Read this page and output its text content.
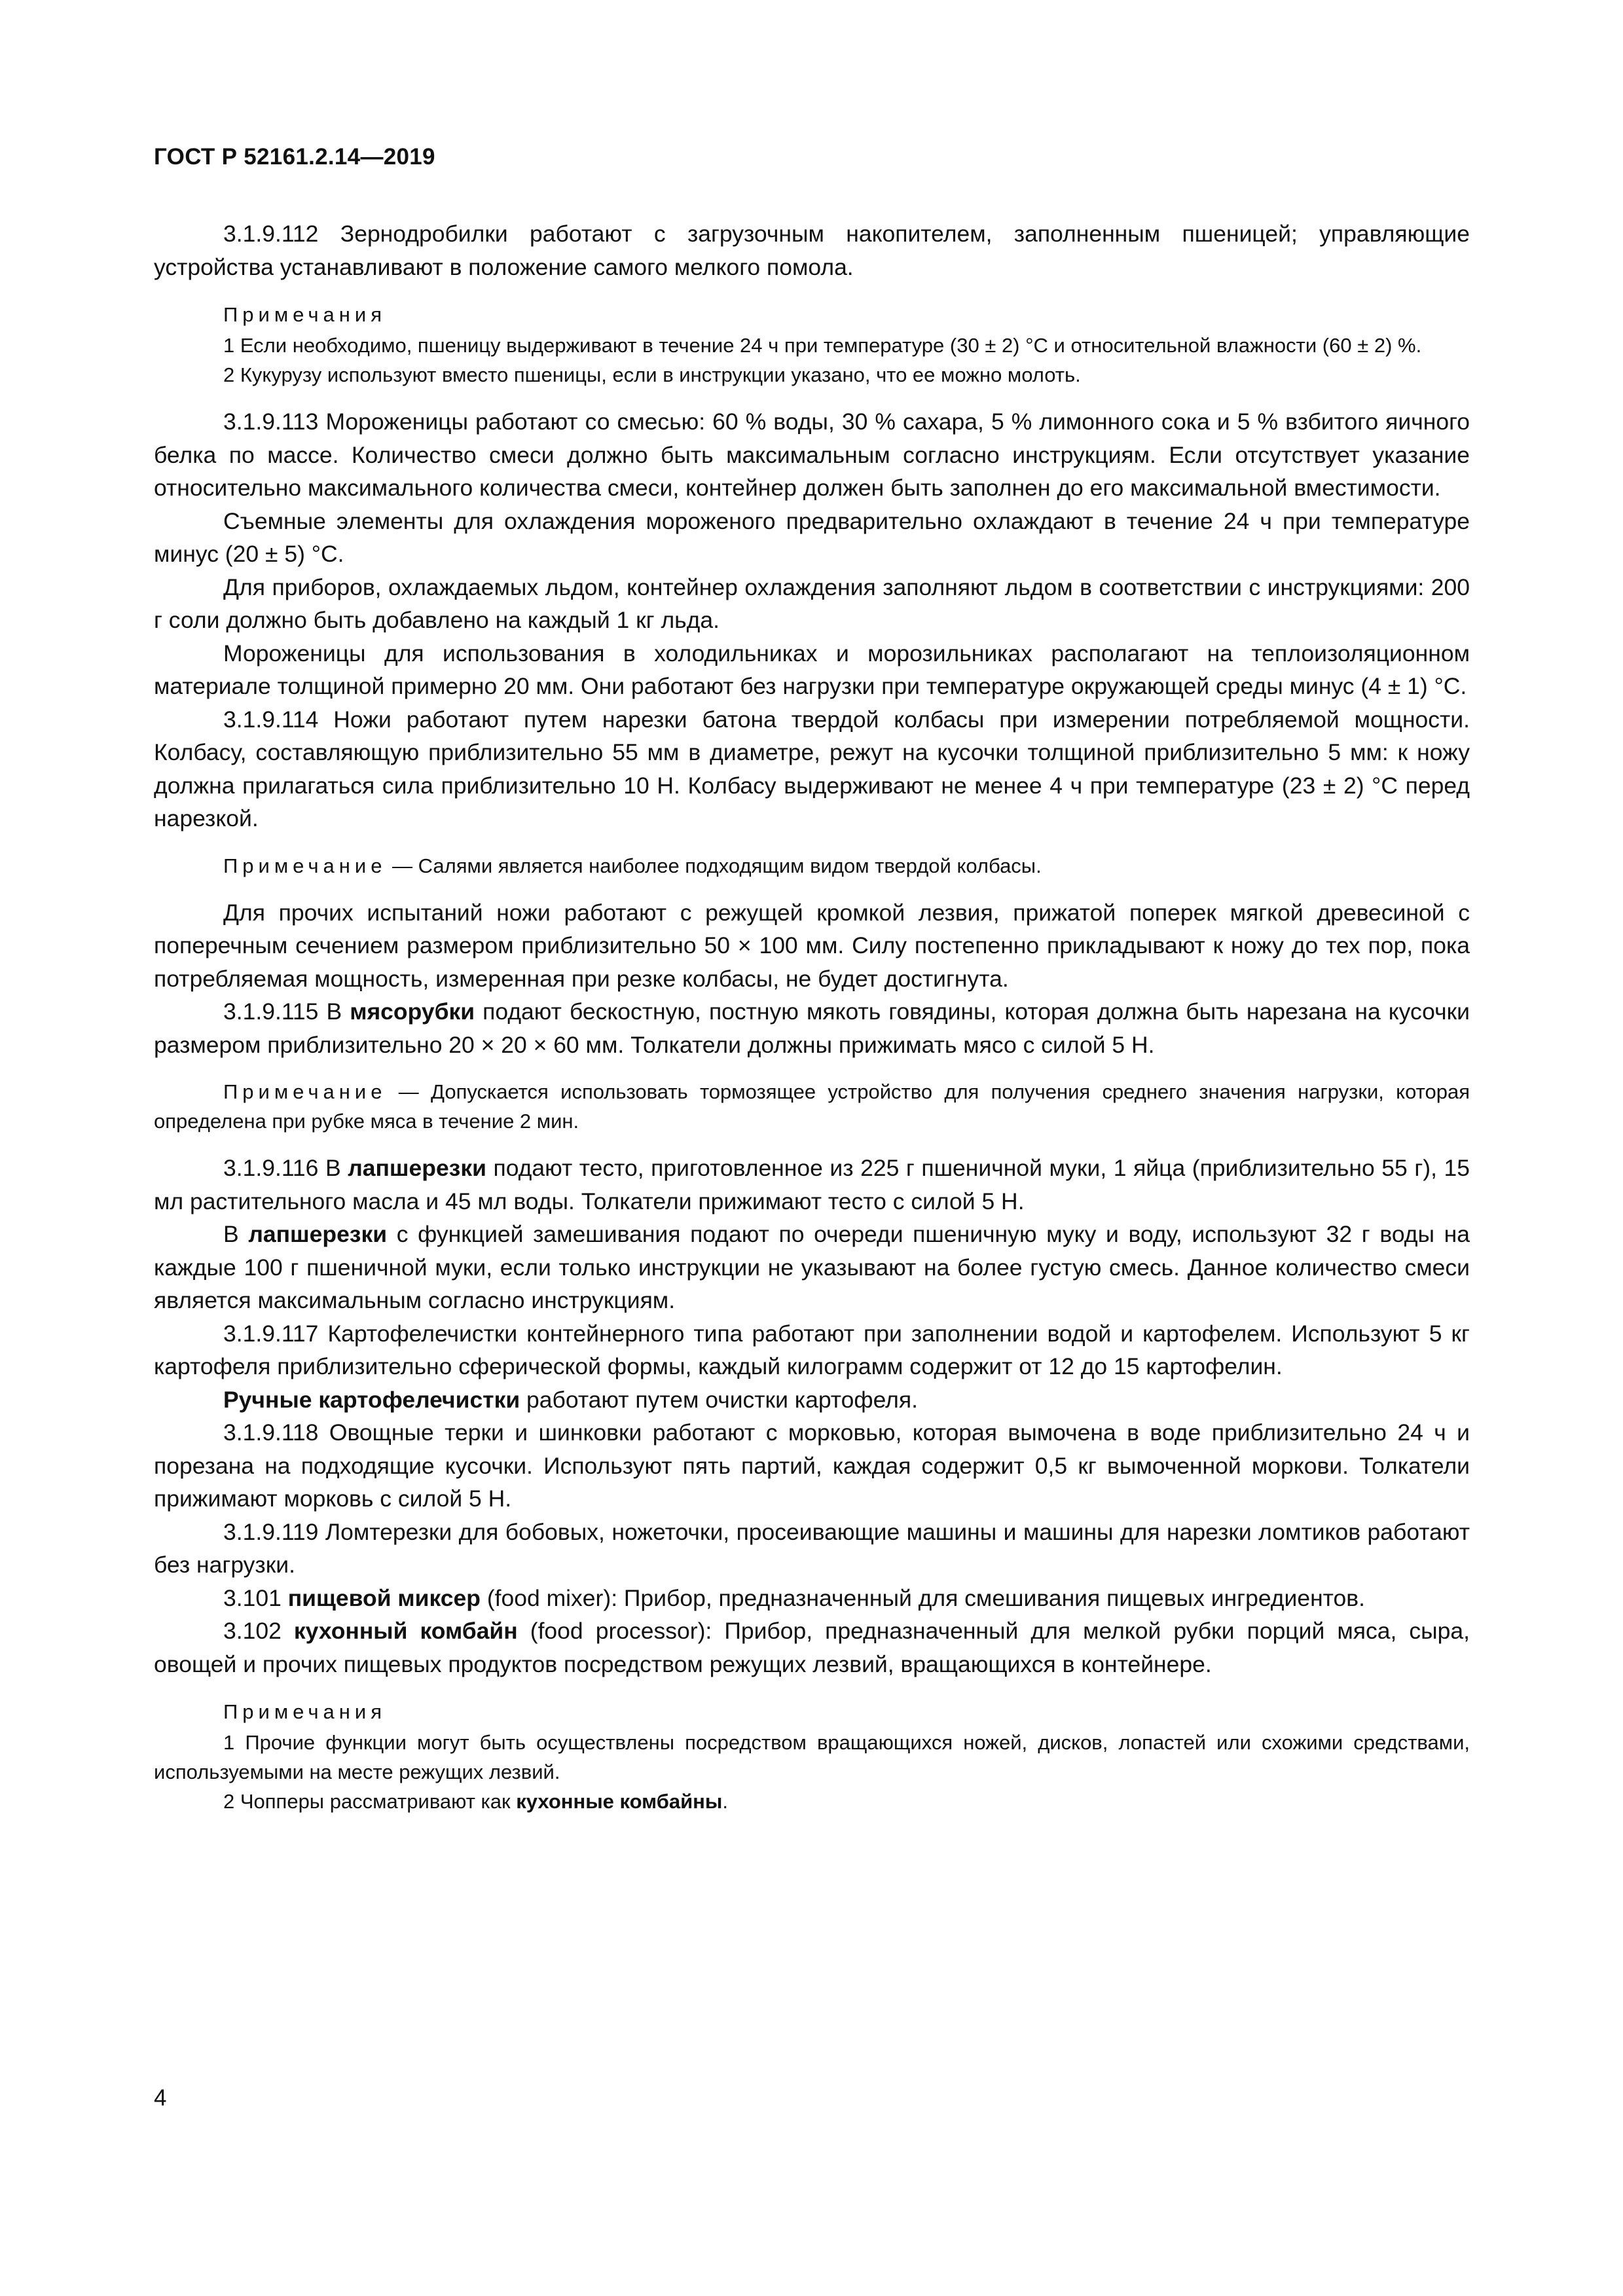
ГОСТ Р 52161.2.14—2019

3.1.9.112 Зернодробилки работают с загрузочным накопителем, заполненным пшеницей; управляющие устройства устанавливают в положение самого мелкого помола.

Примечания

1 Если необходимо, пшеницу выдерживают в течение 24 ч при температуре (30 ± 2) °С и относительной влажности (60 ± 2) %.

2 Кукурузу используют вместо пшеницы, если в инструкции указано, что ее можно молоть.

3.1.9.113 Мороженицы работают со смесью: 60 % воды, 30 % сахара, 5 % лимонного сока и 5 % взбитого яичного белка по массе. Количество смеси должно быть максимальным согласно инструкциям. Если отсутствует указание относительно максимального количества смеси, контейнер должен быть заполнен до его максимальной вместимости.

Съемные элементы для охлаждения мороженого предварительно охлаждают в течение 24 ч при температуре минус (20 ± 5) °С.

Для приборов, охлаждаемых льдом, контейнер охлаждения заполняют льдом в соответствии с инструкциями: 200 г соли должно быть добавлено на каждый 1 кг льда.

Мороженицы для использования в холодильниках и морозильниках располагают на теплоизоляционном материале толщиной примерно 20 мм. Они работают без нагрузки при температуре окружающей среды минус (4 ± 1) °С.

3.1.9.114 Ножи работают путем нарезки батона твердой колбасы при измерении потребляемой мощности. Колбасу, составляющую приблизительно 55 мм в диаметре, режут на кусочки толщиной приблизительно 5 мм: к ножу должна прилагаться сила приблизительно 10 Н. Колбасу выдерживают не менее 4 ч при температуре (23 ± 2) °С перед нарезкой.

Примечание — Салями является наиболее подходящим видом твердой колбасы.

Для прочих испытаний ножи работают с режущей кромкой лезвия, прижатой поперек мягкой древесиной с поперечным сечением размером приблизительно 50 × 100 мм. Силу постепенно прикладывают к ножу до тех пор, пока потребляемая мощность, измеренная при резке колбасы, не будет достигнута.

3.1.9.115 В мясорубки подают бескостную, постную мякоть говядины, которая должна быть нарезана на кусочки размером приблизительно 20 × 20 × 60 мм. Толкатели должны прижимать мясо с силой 5 Н.

Примечание — Допускается использовать тормозящее устройство для получения среднего значения нагрузки, которая определена при рубке мяса в течение 2 мин.

3.1.9.116 В лапшерезки подают тесто, приготовленное из 225 г пшеничной муки, 1 яйца (приблизительно 55 г), 15 мл растительного масла и 45 мл воды. Толкатели прижимают тесто с силой 5 Н.

В лапшерезки с функцией замешивания подают по очереди пшеничную муку и воду, используют 32 г воды на каждые 100 г пшеничной муки, если только инструкции не указывают на более густую смесь. Данное количество смеси является максимальным согласно инструкциям.

3.1.9.117 Картофелечистки контейнерного типа работают при заполнении водой и картофелем. Используют 5 кг картофеля приблизительно сферической формы, каждый килограмм содержит от 12 до 15 картофелин.

Ручные картофелечистки работают путем очистки картофеля.

3.1.9.118 Овощные терки и шинковки работают с морковью, которая вымочена в воде приблизительно 24 ч и порезана на подходящие кусочки. Используют пять партий, каждая содержит 0,5 кг вымоченной моркови. Толкатели прижимают морковь с силой 5 Н.

3.1.9.119 Ломтерезки для бобовых, ножеточки, просеивающие машины и машины для нарезки ломтиков работают без нагрузки.

3.101 пищевой миксер (food mixer): Прибор, предназначенный для смешивания пищевых ингредиентов.

3.102 кухонный комбайн (food processor): Прибор, предназначенный для мелкой рубки порций мяса, сыра, овощей и прочих пищевых продуктов посредством режущих лезвий, вращающихся в контейнере.

Примечания

1 Прочие функции могут быть осуществлены посредством вращающихся ножей, дисков, лопастей или схожими средствами, используемыми на месте режущих лезвий.

2 Чопперы рассматривают как кухонные комбайны.

4
